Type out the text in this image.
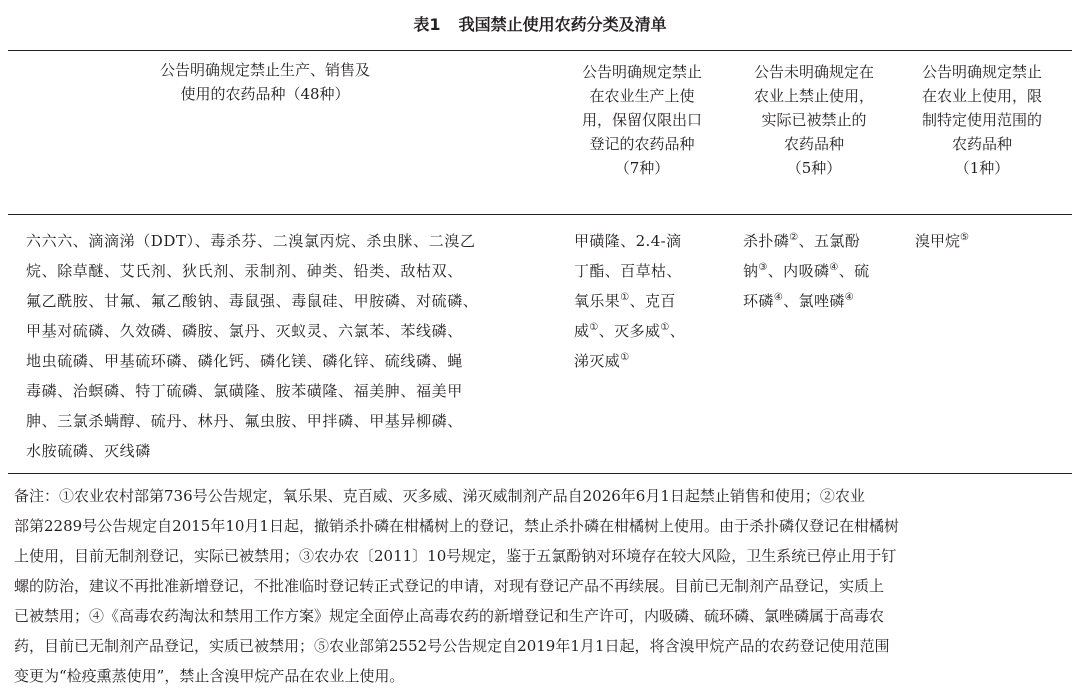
表1 我国禁止使用农药分类及清单
公告明确规定禁止生产、销售及
使用的农药品种（48种）
公告明确规定禁止
在农业生产上使
用，保留仅限出口
登记的农药品种
（7种）
公告未明确规定在
农业上禁止使用，
实际已被禁止的
农药品种
（5种）
公告明确规定禁止
在农业上使用，限
制特定使用范围的
农药品种
（1种）
六六六、滴滴涕（DDT）、毒杀芬、二溴氯丙烷、杀虫脒、二溴乙
烷、除草醚、艾氏剂、狄氏剂、汞制剂、砷类、铅类、敌枯双、
氟乙酰胺、甘氟、氟乙酸钠、毒鼠强、毒鼠硅、甲胺磷、对硫磷、
甲基对硫磷、久效磷、磷胺、氯丹、灭蚁灵、六氯苯、苯线磷、
地虫硫磷、甲基硫环磷、磷化钙、磷化镁、磷化锌、硫线磷、蝇
毒磷、治螟磷、特丁硫磷、氯磺隆、胺苯磺隆、福美胂、福美甲
胂、三氯杀螨醇、硫丹、林丹、氟虫胺、甲拌磷、甲基异柳磷、
水胺硫磷、灭线磷
甲磺隆、2.4-滴
丁酯、百草枯、
氧乐果①、克百
威①、灭多威①、
涕灭威①
杀扑磷②、五氯酚
钠③、内吸磷④、硫
环磷④、氯唑磷④
溴甲烷⑤
备注：①农业农村部第736号公告规定，氧乐果、克百威、灭多威、涕灭威制剂产品自2026年6月1日起禁止销售和使用；②农业
部第2289号公告规定自2015年10月1日起，撤销杀扑磷在柑橘树上的登记，禁止杀扑磷在柑橘树上使用。由于杀扑磷仅登记在柑橘树
上使用，目前无制剂登记，实际已被禁用；③农办农〔2011〕10号规定，鉴于五氯酚钠对环境存在较大风险，卫生系统已停止用于钉
螺的防治，建议不再批准新增登记，不批准临时登记转正式登记的申请，对现有登记产品不再续展。目前已无制剂产品登记，实质上
已被禁用；④《高毒农药淘汰和禁用工作方案》规定全面停止高毒农药的新增登记和生产许可，内吸磷、硫环磷、氯唑磷属于高毒农
药，目前已无制剂产品登记，实质已被禁用；⑤农业部第2552号公告规定自2019年1月1日起，将含溴甲烷产品的农药登记使用范围
变更为“检疫熏蒸使用”，禁止含溴甲烷产品在农业上使用。
